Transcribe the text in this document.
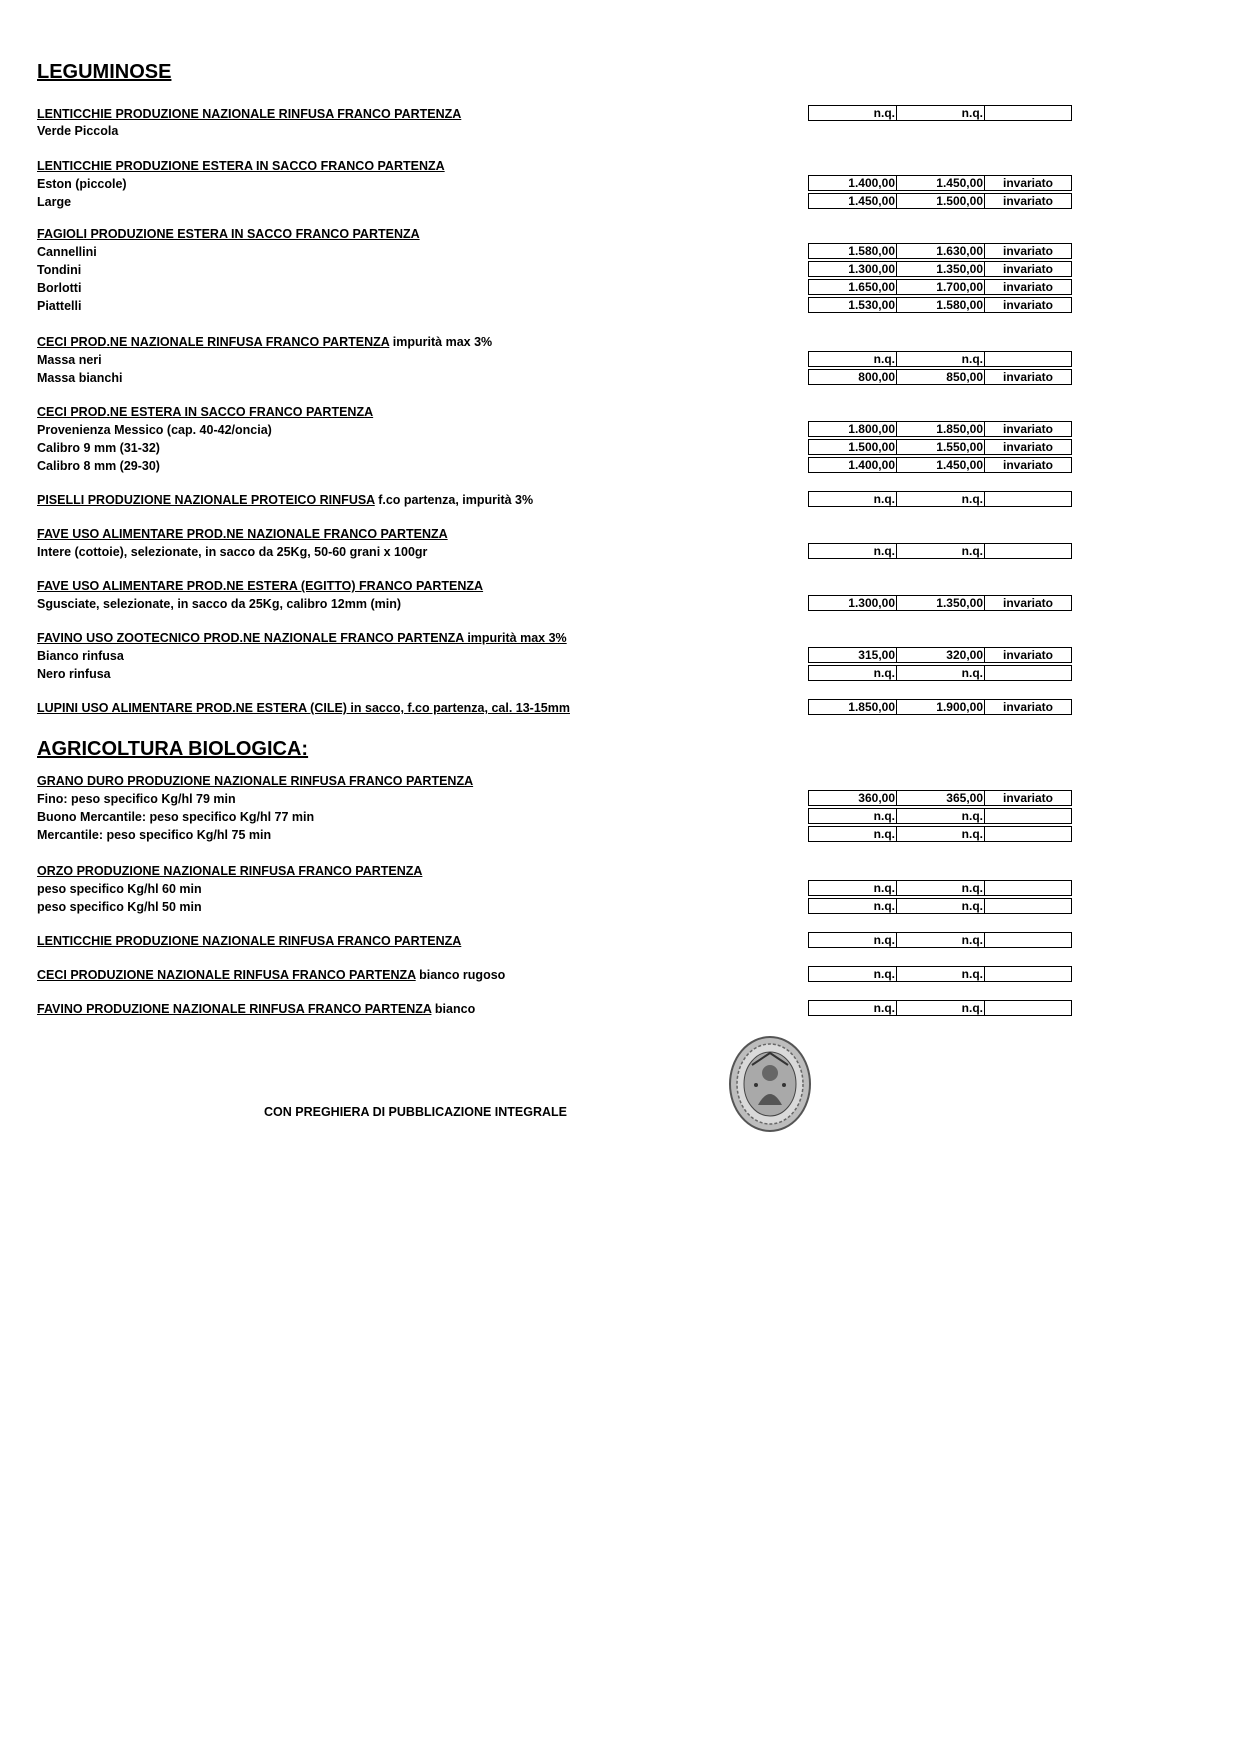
LEGUMINOSE
AGRICOLTURA BIOLOGICA:
LENTICCHIE PRODUZIONE NAZIONALE RINFUSA FRANCO PARTENZA	n.q.	n.q.
Verde Piccola
LENTICCHIE PRODUZIONE ESTERA IN SACCO FRANCO PARTENZA
Eston (piccole)	1.400,00	1.450,00	invariato
Large	1.450,00	1.500,00	invariato
FAGIOLI PRODUZIONE ESTERA IN SACCO FRANCO PARTENZA
Cannellini	1.580,00	1.630,00	invariato
Tondini	1.300,00	1.350,00	invariato
Borlotti	1.650,00	1.700,00	invariato
Piattelli	1.530,00	1.580,00	invariato
CECI PROD.NE NAZIONALE RINFUSA FRANCO PARTENZA impurità max 3%
Massa neri	n.q.	n.q.
Massa bianchi	800,00	850,00	invariato
CECI PROD.NE ESTERA IN SACCO FRANCO PARTENZA
Provenienza Messico (cap. 40-42/oncia)	1.800,00	1.850,00	invariato
Calibro 9 mm (31-32)	1.500,00	1.550,00	invariato
Calibro 8 mm (29-30)	1.400,00	1.450,00	invariato
PISELLI PRODUZIONE NAZIONALE PROTEICO RINFUSA f.co partenza, impurità 3%	n.q.	n.q.
FAVE USO ALIMENTARE PROD.NE NAZIONALE FRANCO PARTENZA
Intere (cottoie), selezionate, in sacco da 25Kg, 50-60 grani x 100gr	n.q.	n.q.
FAVE USO ALIMENTARE PROD.NE ESTERA (EGITTO) FRANCO PARTENZA
Sgusciate, selezionate, in sacco da 25Kg, calibro 12mm (min)	1.300,00	1.350,00	invariato
FAVINO USO ZOOTECNICO PROD.NE NAZIONALE FRANCO PARTENZA impurità max 3%
Bianco rinfusa	315,00	320,00	invariato
Nero rinfusa	n.q.	n.q.
LUPINI USO ALIMENTARE PROD.NE ESTERA (CILE) in sacco, f.co partenza, cal. 13-15mm	1.850,00	1.900,00	invariato
GRANO DURO PRODUZIONE NAZIONALE RINFUSA FRANCO PARTENZA
Fino: peso specifico Kg/hl 79 min	360,00	365,00	invariato
Buono Mercantile: peso specifico Kg/hl 77 min	n.q.	n.q.
Mercantile: peso specifico Kg/hl 75 min	n.q.	n.q.
ORZO PRODUZIONE NAZIONALE RINFUSA FRANCO PARTENZA
peso specifico Kg/hl 60 min	n.q.	n.q.
peso specifico Kg/hl 50 min	n.q.	n.q.
LENTICCHIE PRODUZIONE NAZIONALE RINFUSA FRANCO PARTENZA	n.q.	n.q.
CECI PRODUZIONE NAZIONALE RINFUSA FRANCO PARTENZA bianco rugoso	n.q.	n.q.
FAVINO PRODUZIONE NAZIONALE RINFUSA FRANCO PARTENZA bianco	n.q.	n.q.
CON PREGHIERA DI PUBBLICAZIONE INTEGRALE
